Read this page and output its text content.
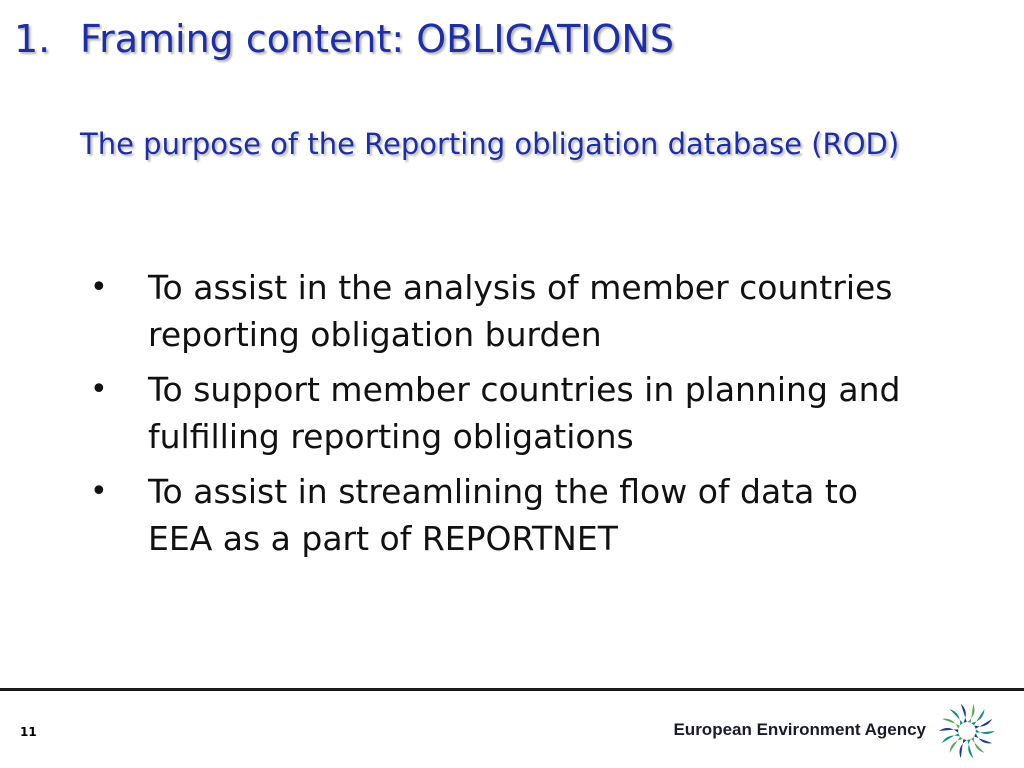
1. Framing content: OBLIGATIONS
The purpose of the Reporting obligation database (ROD)
• To assist in the analysis of member countries reporting obligation burden
• To support member countries in planning and fulfilling reporting obligations
• To assist in streamlining the flow of data to EEA as a part of REPORTNET
11	European Environment Agency
